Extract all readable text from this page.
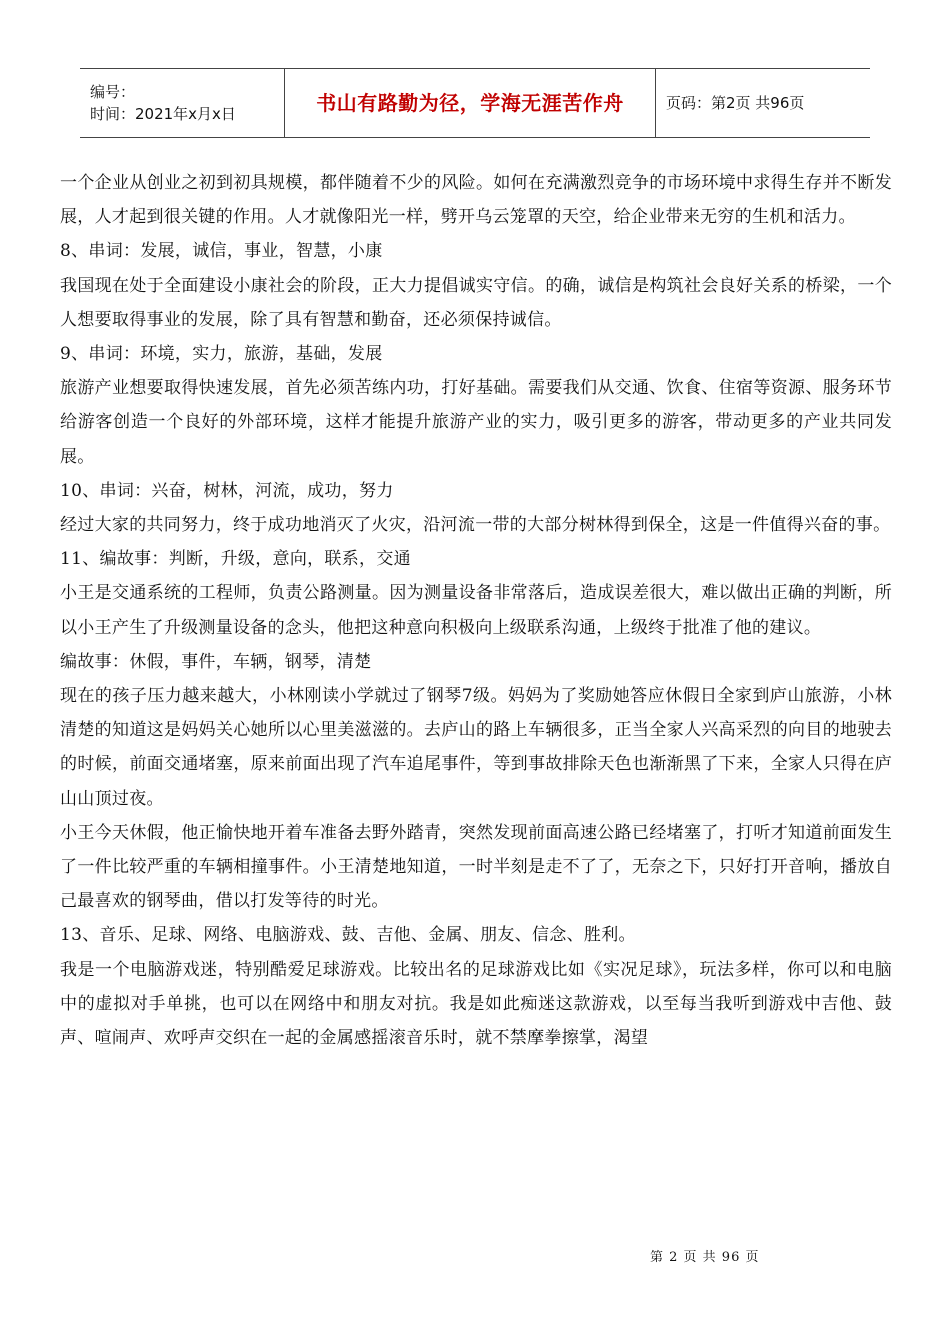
编号：
时间：2021年x月x日	书山有路勤为径，学海无涯苦作舟	页码：第2页 共96页

一个企业从创业之初到初具规模，都伴随着不少的风险。如何在充满激烈竞争的市场环境中求得生存并不断发展，人才起到很关键的作用。人才就像阳光一样，劈开乌云笼罩的天空，给企业带来无穷的生机和活力。

8、串词：发展，诚信，事业，智慧，小康

我国现在处于全面建设小康社会的阶段，正大力提倡诚实守信。的确，诚信是构筑社会良好关系的桥梁，一个人想要取得事业的发展，除了具有智慧和勤奋，还必须保持诚信。

9、串词：环境，实力，旅游，基础，发展

旅游产业想要取得快速发展，首先必须苦练内功，打好基础。需要我们从交通、饮食、住宿等资源、服务环节给游客创造一个良好的外部环境，这样才能提升旅游产业的实力，吸引更多的游客，带动更多的产业共同发展。

10、串词：兴奋，树林，河流，成功，努力

经过大家的共同努力，终于成功地消灭了火灾，沿河流一带的大部分树林得到保全，这是一件值得兴奋的事。

11、编故事：判断，升级，意向，联系，交通

小王是交通系统的工程师，负责公路测量。因为测量设备非常落后，造成误差很大，难以做出正确的判断，所以小王产生了升级测量设备的念头，他把这种意向积极向上级联系沟通，上级终于批准了他的建议。

编故事：休假，事件，车辆，钢琴，清楚

现在的孩子压力越来越大，小林刚读小学就过了钢琴7级。妈妈为了奖励她答应休假日全家到庐山旅游，小林清楚的知道这是妈妈关心她所以心里美滋滋的。去庐山的路上车辆很多，正当全家人兴高采烈的向目的地驶去的时候，前面交通堵塞，原来前面出现了汽车追尾事件，等到事故排除天色也渐渐黑了下来，全家人只得在庐山山顶过夜。

小王今天休假，他正愉快地开着车准备去野外踏青，突然发现前面高速公路已经堵塞了，打听才知道前面发生了一件比较严重的车辆相撞事件。小王清楚地知道，一时半刻是走不了了，无奈之下，只好打开音响，播放自己最喜欢的钢琴曲，借以打发等待的时光。

13、音乐、足球、网络、电脑游戏、鼓、吉他、金属、朋友、信念、胜利。

我是一个电脑游戏迷，特别酷爱足球游戏。比较出名的足球游戏比如《实况足球》，玩法多样，你可以和电脑中的虚拟对手单挑，也可以在网络中和朋友对抗。我是如此痴迷这款游戏，以至每当我听到游戏中吉他、鼓声、喧闹声、欢呼声交织在一起的金属感摇滚音乐时，就不禁摩拳擦掌，渴望

第 2 页 共 96 页
